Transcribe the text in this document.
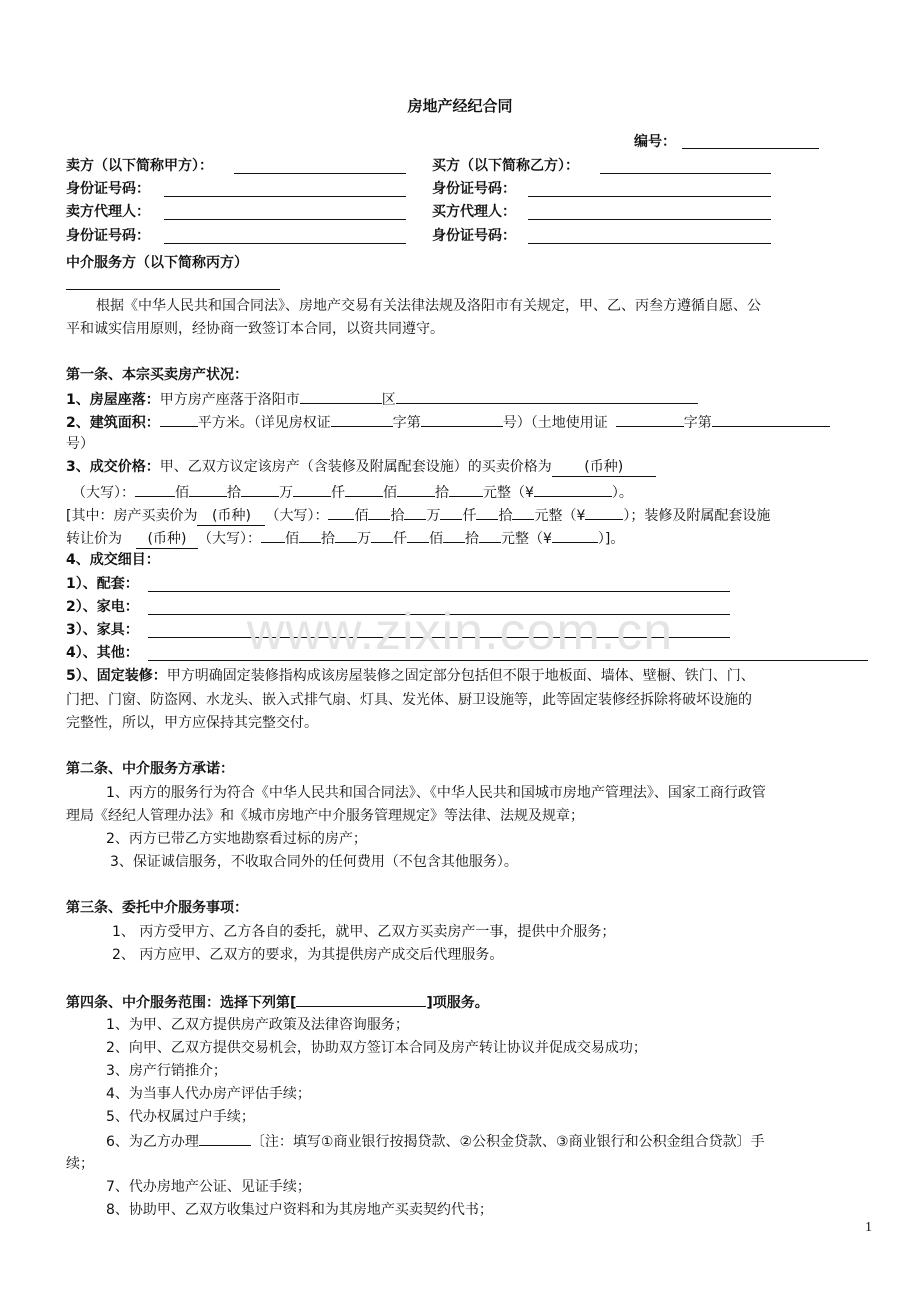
房地产经纪合同
编号：
卖方（以下简称甲方）：	买方（以下简称乙方）：
身份证号码：	身份证号码：
卖方代理人：	买方代理人：
身份证号码：	身份证号码：
中介服务方（以下简称丙方）
根据《中华人民共和国合同法》、房地产交易有关法律法规及洛阳市有关规定，甲、乙、丙叁方遵循自愿、公
平和诚实信用原则，经协商一致签订本合同，以资共同遵守。
第一条、本宗买卖房产状况：
1、房屋座落：甲方房产座落于洛阳市	区
2、建筑面积：	平方米。（详见房权证	字第	号）（土地使用证	字第
号）
3、成交价格：甲、乙双方议定该房产（含装修及附属配套设施）的买卖价格为 (币种)
（大写）：	佰	拾	万	仟	佰	拾 元整（¥	）。
[其中：房产买卖价为 (币种) （大写）： 佰 拾 万 仟 拾 元整（¥	）；装修及附属配套设施
转让价为 (币种) （大写）： 佰 拾 万 仟 佰 拾 元整（¥	）]。
4、成交细目：
1）、配套：
2）、家电：
3）、家具：
4）、其他：
5）、固定装修：甲方明确固定装修指构成该房屋装修之固定部分包括但不限于地板面、墙体、壁橱、铁门、门、
门把、门窗、防盗网、水龙头、嵌入式排气扇、灯具、发光体、厨卫设施等，此等固定装修经拆除将破坏设施的
完整性，所以，甲方应保持其完整交付。
第二条、中介服务方承诺：
1、丙方的服务行为符合《中华人民共和国合同法》、《中华人民共和国城市房地产管理法》、国家工商行政管
理局《经纪人管理办法》和《城市房地产中介服务管理规定》等法律、法规及规章；
2、丙方已带乙方实地勘察看过标的房产；
3、保证诚信服务，不收取合同外的任何费用（不包含其他服务）。
第三条、委托中介服务事项：
1、 丙方受甲方、乙方各自的委托，就甲、乙双方买卖房产一事，提供中介服务；
2、 丙方应甲、乙双方的要求，为其提供房产成交后代理服务。
第四条、中介服务范围：选择下列第[	]项服务。
1、为甲、乙双方提供房产政策及法律咨询服务；
2、向甲、乙双方提供交易机会，协助双方签订本合同及房产转让协议并促成交易成功；
3、房产行销推介；
4、为当事人代办房产评估手续；
5、代办权属过户手续；
6、为乙方办理	〔注：填写①商业银行按揭贷款、②公积金贷款、③商业银行和公积金组合贷款〕手
续；
7、代办房地产公证、见证手续；
8、协助甲、乙双方收集过户资料和为其房地产买卖契约代书；
www.zixin.com.cn
1
